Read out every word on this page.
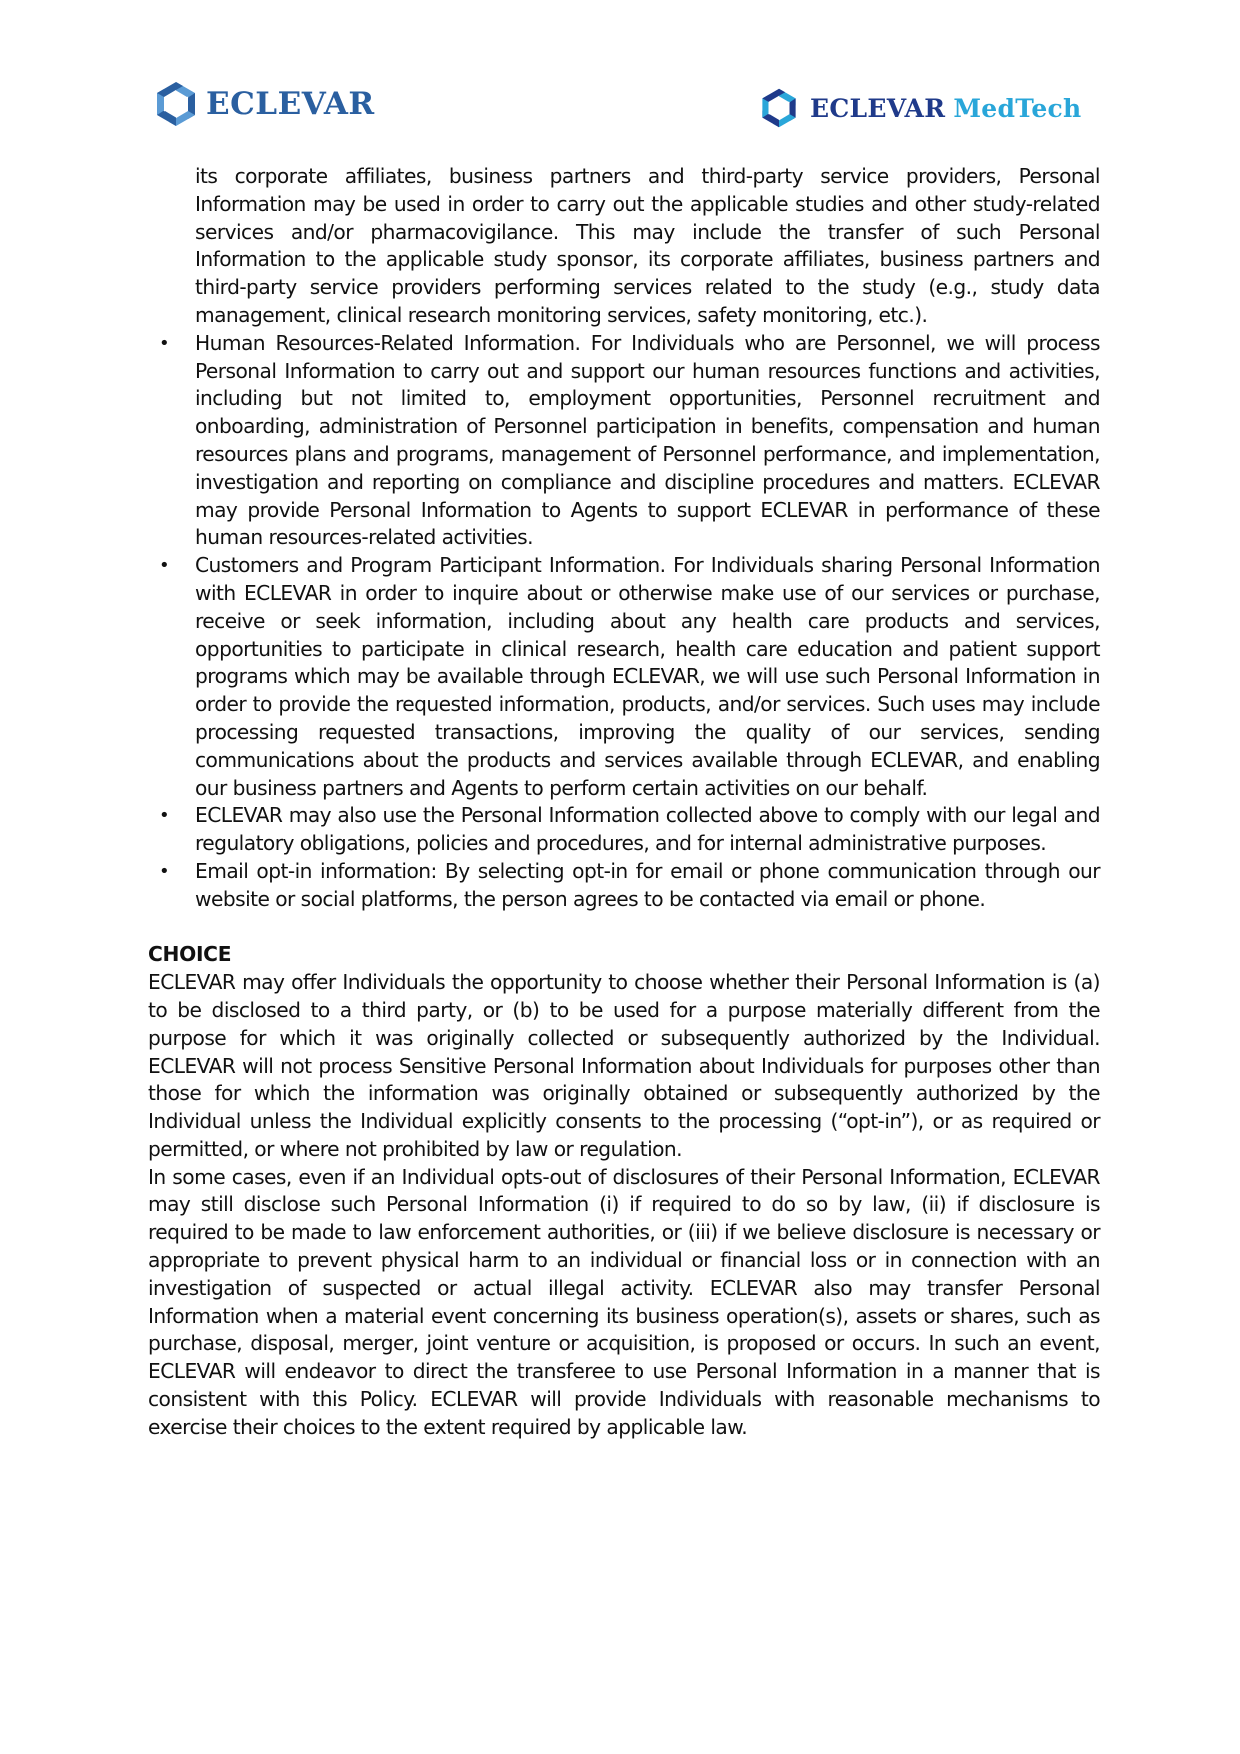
ECLEVAR	ECLEVAR MedTech

its corporate affiliates, business partners and third-party service providers, Personal Information may be used in order to carry out the applicable studies and other study-related services and/or pharmacovigilance. This may include the transfer of such Personal Information to the applicable study sponsor, its corporate affiliates, business partners and third-party service providers performing services related to the study (e.g., study data management, clinical research monitoring services, safety monitoring, etc.).

• Human Resources-Related Information. For Individuals who are Personnel, we will process Personal Information to carry out and support our human resources functions and activities, including but not limited to, employment opportunities, Personnel recruitment and onboarding, administration of Personnel participation in benefits, compensation and human resources plans and programs, management of Personnel performance, and implementation, investigation and reporting on compliance and discipline procedures and matters. ECLEVAR may provide Personal Information to Agents to support ECLEVAR in performance of these human resources-related activities.
• Customers and Program Participant Information. For Individuals sharing Personal Information with ECLEVAR in order to inquire about or otherwise make use of our services or purchase, receive or seek information, including about any health care products and services, opportunities to participate in clinical research, health care education and patient support programs which may be available through ECLEVAR, we will use such Personal Information in order to provide the requested information, products, and/or services. Such uses may include processing requested transactions, improving the quality of our services, sending communications about the products and services available through ECLEVAR, and enabling our business partners and Agents to perform certain activities on our behalf.
• ECLEVAR may also use the Personal Information collected above to comply with our legal and regulatory obligations, policies and procedures, and for internal administrative purposes.
• Email opt-in information: By selecting opt-in for email or phone communication through our website or social platforms, the person agrees to be contacted via email or phone.

CHOICE

ECLEVAR may offer Individuals the opportunity to choose whether their Personal Information is (a) to be disclosed to a third party, or (b) to be used for a purpose materially different from the purpose for which it was originally collected or subsequently authorized by the Individual. ECLEVAR will not process Sensitive Personal Information about Individuals for purposes other than those for which the information was originally obtained or subsequently authorized by the Individual unless the Individual explicitly consents to the processing (“opt-in”), or as required or permitted, or where not prohibited by law or regulation.

In some cases, even if an Individual opts-out of disclosures of their Personal Information, ECLEVAR may still disclose such Personal Information (i) if required to do so by law, (ii) if disclosure is required to be made to law enforcement authorities, or (iii) if we believe disclosure is necessary or appropriate to prevent physical harm to an individual or financial loss or in connection with an investigation of suspected or actual illegal activity. ECLEVAR also may transfer Personal Information when a material event concerning its business operation(s), assets or shares, such as purchase, disposal, merger, joint venture or acquisition, is proposed or occurs. In such an event, ECLEVAR will endeavor to direct the transferee to use Personal Information in a manner that is consistent with this Policy. ECLEVAR will provide Individuals with reasonable mechanisms to exercise their choices to the extent required by applicable law.
